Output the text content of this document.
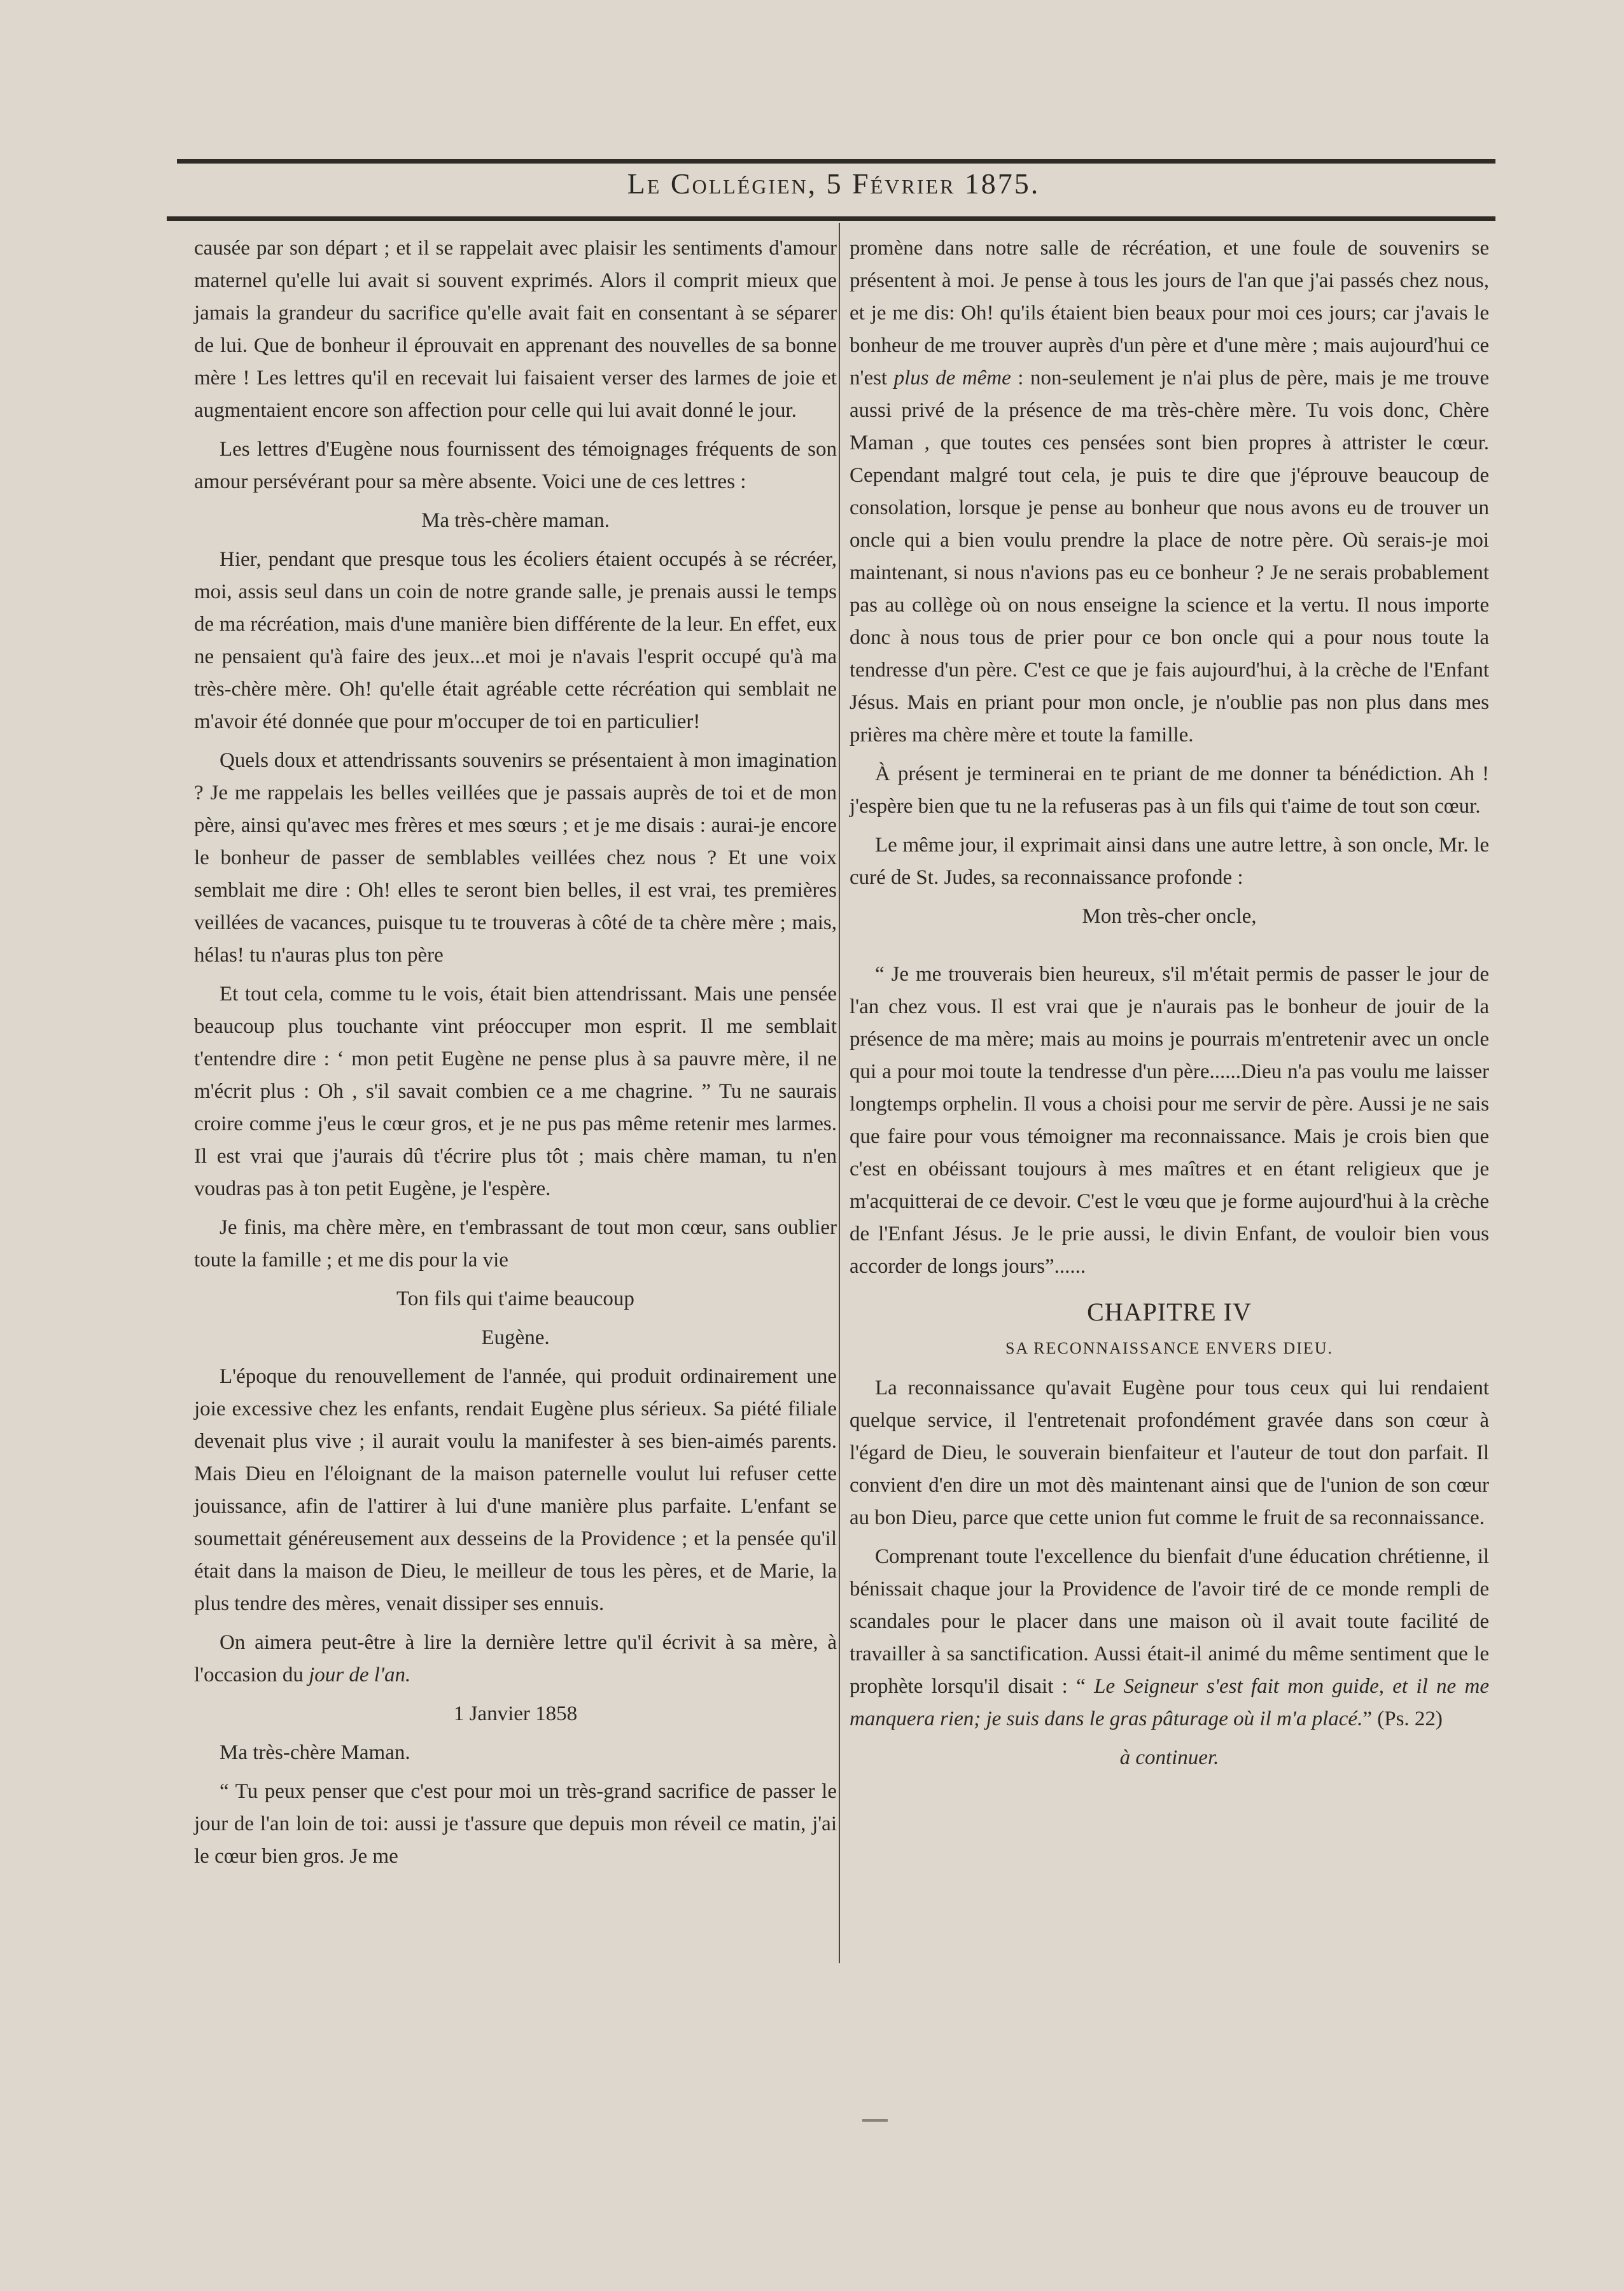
Le Collégien, 5 Février 1875.

causée par son départ ; et il se rappelait avec plaisir les sentiments d'amour maternel qu'elle lui avait si souvent exprimés. Alors il comprit mieux que jamais la grandeur du sacrifice qu'elle avait fait en consentant à se séparer de lui. Que de bonheur il éprouvait en apprenant des nouvelles de sa bonne mère ! Les lettres qu'il en recevait lui faisaient verser des larmes de joie et augmentaient encore son affection pour celle qui lui avait donné le jour.

Les lettres d'Eugène nous fournissent des témoignages fréquents de son amour persévérant pour sa mère absente. Voici une de ces lettres :

Ma très-chère maman.

Hier, pendant que presque tous les écoliers étaient occupés à se récréer, moi, assis seul dans un coin de notre grande salle, je prenais aussi le temps de ma récréation, mais d'une manière bien différente de la leur. En effet, eux ne pensaient qu'à faire des jeux...et moi je n'avais l'esprit occupé qu'à ma très-chère mère. Oh! qu'elle était agréable cette récréation qui semblait ne m'avoir été donnée que pour m'occuper de toi en particulier!

Quels doux et attendrissants souvenirs se présentaient à mon imagination ? Je me rappelais les belles veillées que je passais auprès de toi et de mon père, ainsi qu'avec mes frères et mes sœurs ; et je me disais : aurai-je encore le bonheur de passer de semblables veillées chez nous ? Et une voix semblait me dire : Oh! elles te seront bien belles, il est vrai, tes premières veillées de vacances, puisque tu te trouveras à côté de ta chère mère ; mais, hélas! tu n'auras plus ton père

Et tout cela, comme tu le vois, était bien attendrissant. Mais une pensée beaucoup plus touchante vint préoccuper mon esprit. Il me semblait t'entendre dire : ‘ mon petit Eugène ne pense plus à sa pauvre mère, il ne m'écrit plus : Oh , s'il savait combien ce a me chagrine. ” Tu ne saurais croire comme j'eus le cœur gros, et je ne pus pas même retenir mes larmes. Il est vrai que j'aurais dû t'écrire plus tôt ; mais chère maman, tu n'en voudras pas à ton petit Eugène, je l'espère.

Je finis, ma chère mère, en t'embrassant de tout mon cœur, sans oublier toute la famille ; et me dis pour la vie

Ton fils qui t'aime beaucoup

Eugène.

L'époque du renouvellement de l'année, qui produit ordinairement une joie excessive chez les enfants, rendait Eugène plus sérieux. Sa piété filiale devenait plus vive ; il aurait voulu la manifester à ses bien-aimés parents. Mais Dieu en l'éloignant de la maison paternelle voulut lui refuser cette jouissance, afin de l'attirer à lui d'une manière plus parfaite. L'enfant se soumettait généreusement aux desseins de la Providence ; et la pensée qu'il était dans la maison de Dieu, le meilleur de tous les pères, et de Marie, la plus tendre des mères, venait dissiper ses ennuis.

On aimera peut-être à lire la dernière lettre qu'il écrivit à sa mère, à l'occasion du jour de l'an.

1 Janvier 1858

Ma très-chère Maman.

“ Tu peux penser que c'est pour moi un très-grand sacrifice de passer le jour de l'an loin de toi: aussi je t'assure que depuis mon réveil ce matin, j'ai le cœur bien gros. Je me

promène dans notre salle de récréation, et une foule de souvenirs se présentent à moi. Je pense à tous les jours de l'an que j'ai passés chez nous, et je me dis: Oh! qu'ils étaient bien beaux pour moi ces jours; car j'avais le bonheur de me trouver auprès d'un père et d'une mère ; mais aujourd'hui ce n'est plus de même : non-seulement je n'ai plus de père, mais je me trouve aussi privé de la présence de ma très-chère mère. Tu vois donc, Chère Maman , que toutes ces pensées sont bien propres à attrister le cœur. Cependant malgré tout cela, je puis te dire que j'éprouve beaucoup de consolation, lorsque je pense au bonheur que nous avons eu de trouver un oncle qui a bien voulu prendre la place de notre père. Où serais-je moi maintenant, si nous n'avions pas eu ce bonheur ? Je ne serais probablement pas au collège où on nous enseigne la science et la vertu. Il nous importe donc à nous tous de prier pour ce bon oncle qui a pour nous toute la tendresse d'un père. C'est ce que je fais aujourd'hui, à la crèche de l'Enfant Jésus. Mais en priant pour mon oncle, je n'oublie pas non plus dans mes prières ma chère mère et toute la famille.

À présent je terminerai en te priant de me donner ta bénédiction. Ah ! j'espère bien que tu ne la refuseras pas à un fils qui t'aime de tout son cœur.

Le même jour, il exprimait ainsi dans une autre lettre, à son oncle, Mr. le curé de St. Judes, sa reconnaissance profonde :

Mon très-cher oncle,

“ Je me trouverais bien heureux, s'il m'était permis de passer le jour de l'an chez vous. Il est vrai que je n'aurais pas le bonheur de jouir de la présence de ma mère; mais au moins je pourrais m'entretenir avec un oncle qui a pour moi toute la tendresse d'un père......Dieu n'a pas voulu me laisser longtemps orphelin. Il vous a choisi pour me servir de père. Aussi je ne sais que faire pour vous témoigner ma reconnaissance. Mais je crois bien que c'est en obéissant toujours à mes maîtres et en étant religieux que je m'acquitterai de ce devoir. C'est le vœu que je forme aujourd'hui à la crèche de l'Enfant Jésus. Je le prie aussi, le divin Enfant, de vouloir bien vous accorder de longs jours”......

CHAPITRE IV
SA RECONNAISSANCE ENVERS DIEU.

La reconnaissance qu'avait Eugène pour tous ceux qui lui rendaient quelque service, il l'entretenait profondément gravée dans son cœur à l'égard de Dieu, le souverain bienfaiteur et l'auteur de tout don parfait. Il convient d'en dire un mot dès maintenant ainsi que de l'union de son cœur au bon Dieu, parce que cette union fut comme le fruit de sa reconnaissance.

Comprenant toute l'excellence du bienfait d'une éducation chrétienne, il bénissait chaque jour la Providence de l'avoir tiré de ce monde rempli de scandales pour le placer dans une maison où il avait toute facilité de travailler à sa sanctification. Aussi était-il animé du même sentiment que le prophète lorsqu'il disait : “ Le Seigneur s'est fait mon guide, et il ne me manquera rien; je suis dans le gras pâturage où il m'a placé.” (Ps. 22)

à continuer.
